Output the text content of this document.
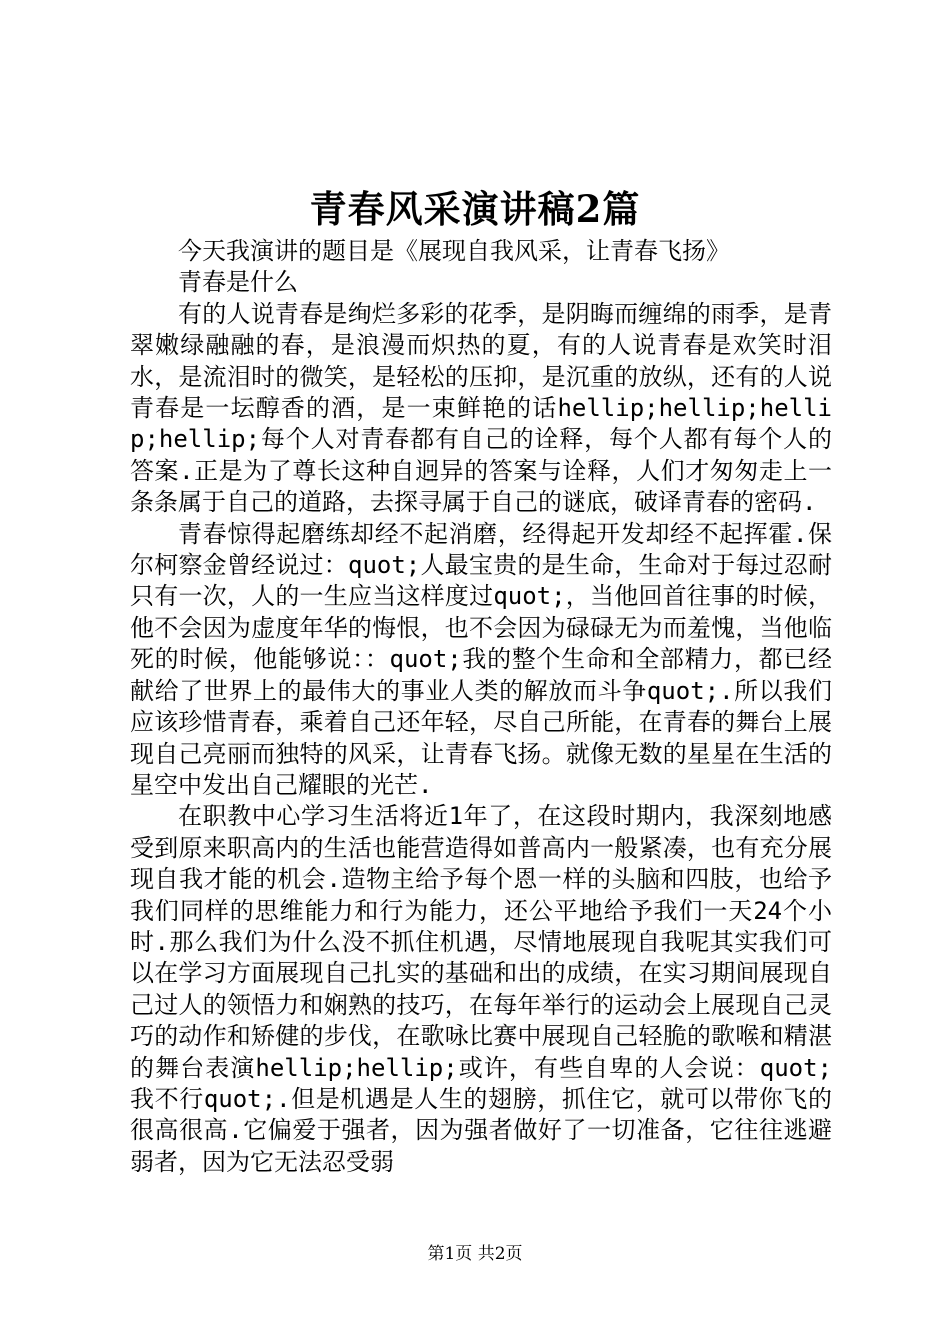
青春风采演讲稿2篇

今天我演讲的题目是《展现自我风采，让青春飞扬》

青春是什么

有的人说青春是绚烂多彩的花季，是阴晦而缠绵的雨季，是青翠嫩绿融融的春，是浪漫而炽热的夏，有的人说青春是欢笑时泪水，是流泪时的微笑，是轻松的压抑，是沉重的放纵，还有的人说青春是一坛醇香的酒，是一束鲜艳的话hellip;hellip;hellip;hellip;每个人对青春都有自己的诠释，每个人都有每个人的答案.正是为了尊长这种自迥异的答案与诠释，人们才匆匆走上一条条属于自己的道路，去探寻属于自己的谜底，破译青春的密码.

青春惊得起磨练却经不起消磨，经得起开发却经不起挥霍.保尔柯察金曾经说过：quot;人最宝贵的是生命，生命对于每过忍耐只有一次，人的一生应当这样度过quot;，当他回首往事的时候，他不会因为虚度年华的悔恨，也不会因为碌碌无为而羞愧，当他临死的时候，他能够说：：quot;我的整个生命和全部精力，都已经献给了世界上的最伟大的事业人类的解放而斗争quot;.所以我们应该珍惜青春，乘着自己还年轻，尽自己所能，在青春的舞台上展现自己亮丽而独特的风采，让青春飞扬。就像无数的星星在生活的星空中发出自己耀眼的光芒.

在职教中心学习生活将近1年了，在这段时期内，我深刻地感受到原来职高内的生活也能营造得如普高内一般紧凑，也有充分展现自我才能的机会.造物主给予每个恩一样的头脑和四肢，也给予我们同样的思维能力和行为能力，还公平地给予我们一天24个小时.那么我们为什么没不抓住机遇，尽情地展现自我呢其实我们可以在学习方面展现自己扎实的基础和出的成绩，在实习期间展现自己过人的领悟力和娴熟的技巧，在每年举行的运动会上展现自己灵巧的动作和矫健的步伐，在歌咏比赛中展现自己轻脆的歌喉和精湛的舞台表演hellip;hellip;或许，有些自卑的人会说：quot;我不行quot;.但是机遇是人生的翅膀，抓住它，就可以带你飞的很高很高.它偏爱于强者，因为强者做好了一切准备，它往往逃避弱者，因为它无法忍受弱

第1页 共2页
